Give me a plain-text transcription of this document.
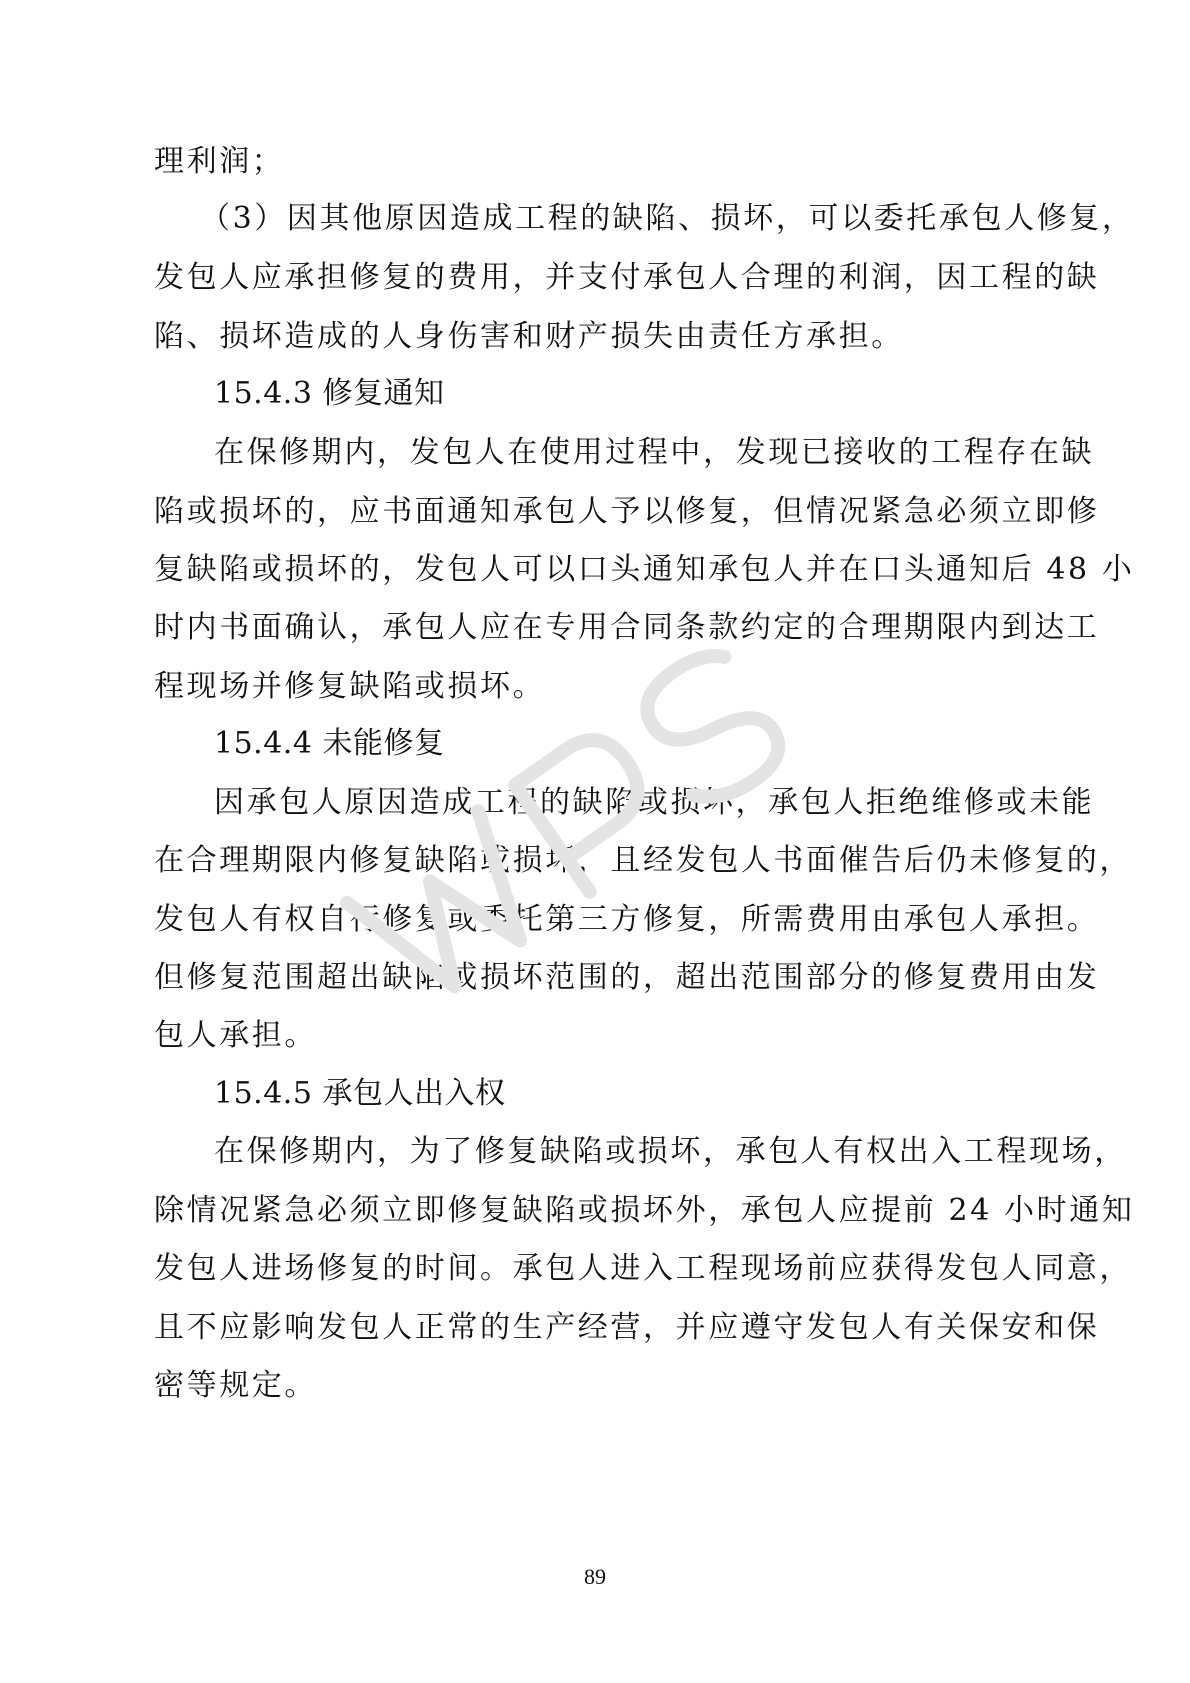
理利润；
（3）因其他原因造成工程的缺陷、损坏，可以委托承包人修复，
发包人应承担修复的费用，并支付承包人合理的利润，因工程的缺
陷、损坏造成的人身伤害和财产损失由责任方承担。
15.4.3 修复通知
在保修期内，发包人在使用过程中，发现已接收的工程存在缺
陷或损坏的，应书面通知承包人予以修复，但情况紧急必须立即修
复缺陷或损坏的，发包人可以口头通知承包人并在口头通知后 48 小
时内书面确认，承包人应在专用合同条款约定的合理期限内到达工
程现场并修复缺陷或损坏。
15.4.4 未能修复
因承包人原因造成工程的缺陷或损坏，承包人拒绝维修或未能
在合理期限内修复缺陷或损坏，且经发包人书面催告后仍未修复的，
发包人有权自行修复或委托第三方修复，所需费用由承包人承担。
但修复范围超出缺陷或损坏范围的，超出范围部分的修复费用由发
包人承担。
15.4.5 承包人出入权
在保修期内，为了修复缺陷或损坏，承包人有权出入工程现场，
除情况紧急必须立即修复缺陷或损坏外，承包人应提前 24 小时通知
发包人进场修复的时间。承包人进入工程现场前应获得发包人同意，
且不应影响发包人正常的生产经营，并应遵守发包人有关保安和保
密等规定。
89
